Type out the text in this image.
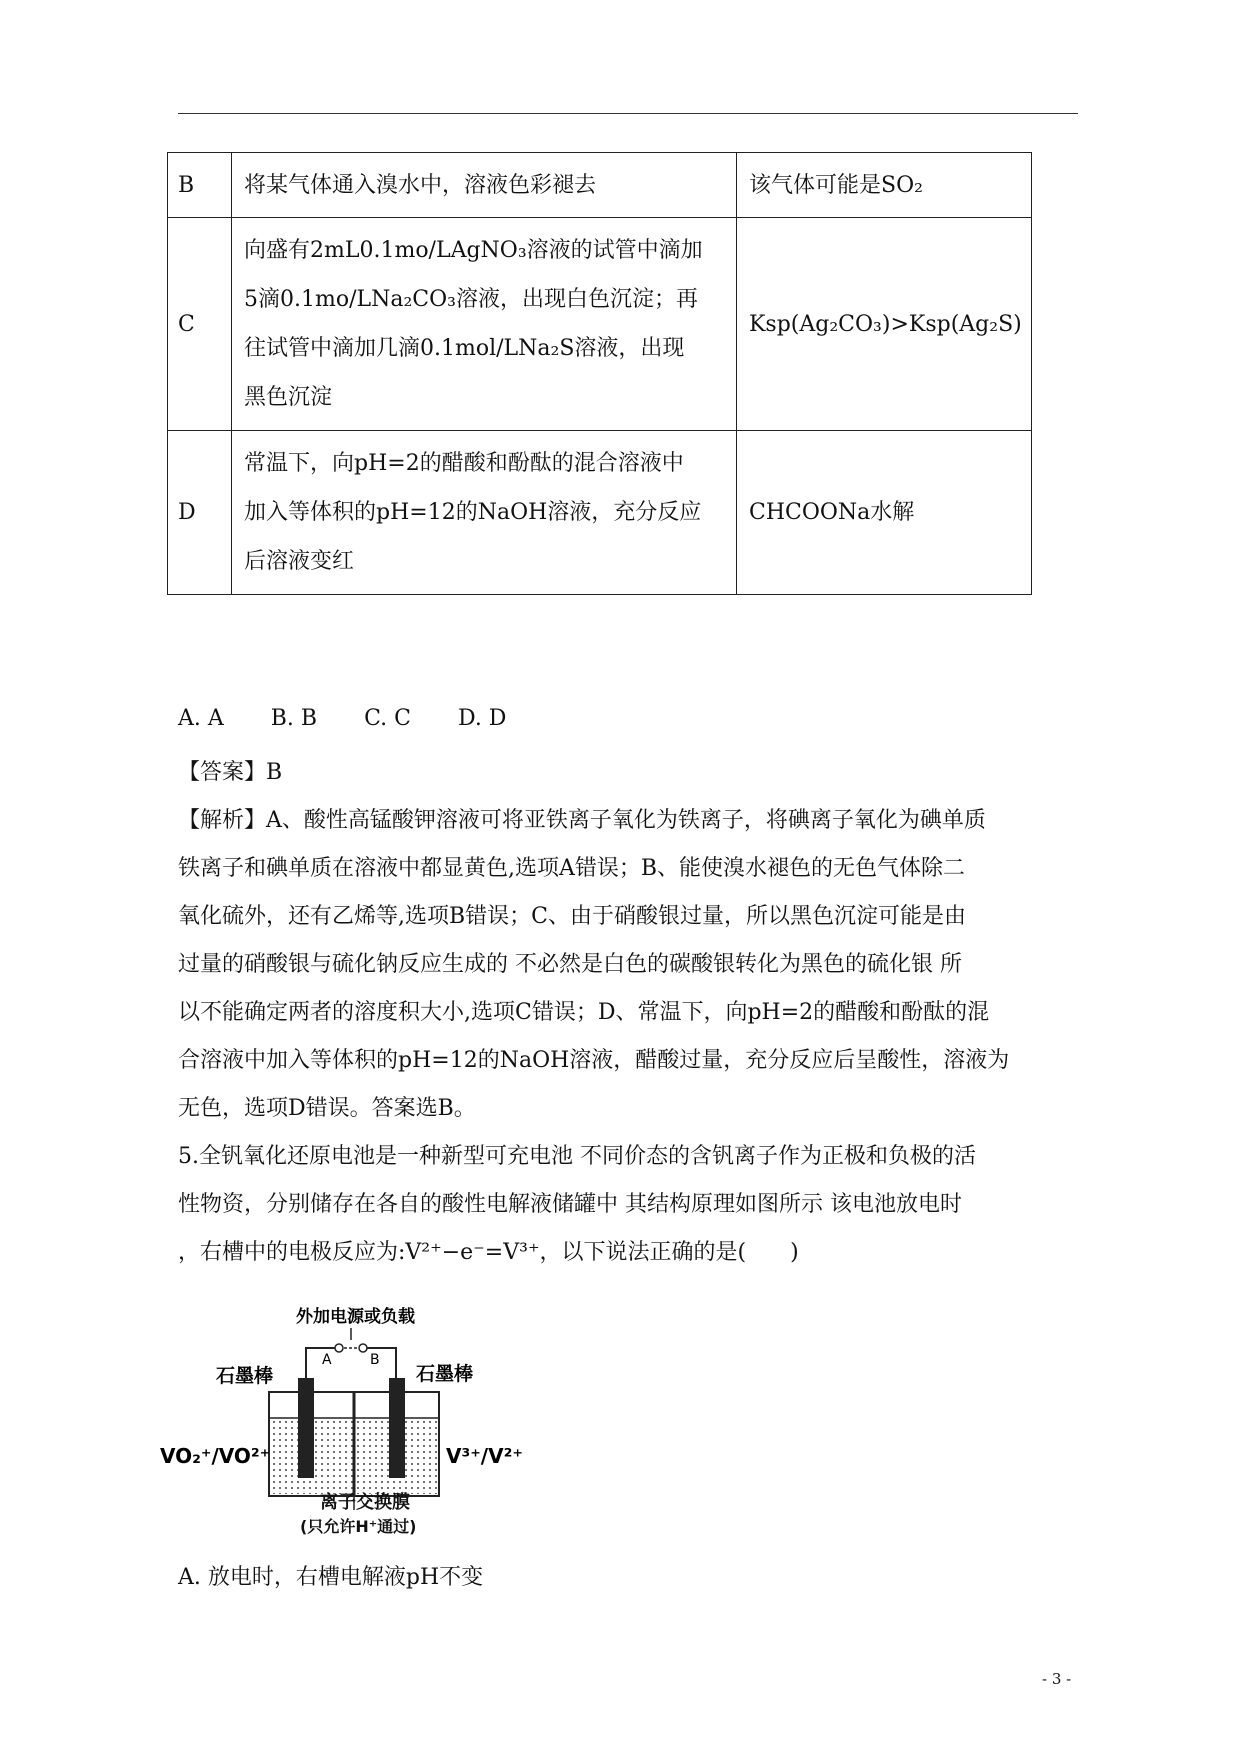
B	将某气体通入溴水中，溶液色彩褪去	该气体可能是SO₂
C	向盛有2mL0.1mo/LAgNO₃溶液的试管中滴加
5滴0.1mo/LNa₂CO₃溶液，出现白色沉淀；再
往试管中滴加几滴0.1mol/LNa₂S溶液，出现
黑色沉淀	Ksp(Ag₂CO₃)>Ksp(Ag₂S)
D	常温下，向pH=2的醋酸和酚酞的混合溶液中
加入等体积的pH=12的NaOH溶液，充分反应
后溶液变红	CHCOONa水解
A. A B. B C. C D. D
【答案】B
【解析】A、酸性高锰酸钾溶液可将亚铁离子氧化为铁离子，将碘离子氧化为碘单质
铁离子和碘单质在溶液中都显黄色,选项A错误；B、能使溴水褪色的无色气体除二
氧化硫外，还有乙烯等,选项B错误；C、由于硝酸银过量，所以黑色沉淀可能是由
过量的硝酸银与硫化钠反应生成的 不必然是白色的碳酸银转化为黑色的硫化银 所
以不能确定两者的溶度积大小,选项C错误；D、常温下，向pH=2的醋酸和酚酞的混
合溶液中加入等体积的pH=12的NaOH溶液，醋酸过量，充分反应后呈酸性，溶液为
无色，选项D错误。答案选B。
5.全钒氧化还原电池是一种新型可充电池 不同价态的含钒离子作为正极和负极的活
性物资，分别储存在各自的酸性电解液储罐中 其结构原理如图所示 该电池放电时
，右槽中的电极反应为:V²⁺−e⁻=V³⁺，以下说法正确的是(　　)
外加电源或负载
A	B
石墨棒	石墨棒
VO₂⁺/VO²⁺	V³⁺/V²⁺
离子交换膜
(只允许H⁺通过)
A. 放电时，右槽电解液pH不变
- 3 -
